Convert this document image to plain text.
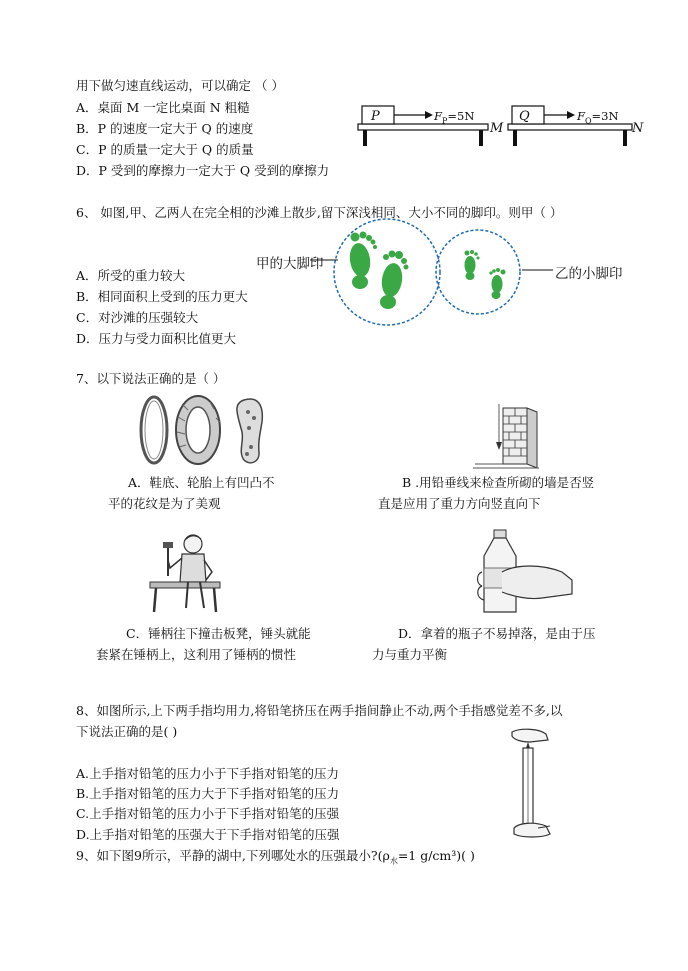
用下做匀速直线运动，可以确定 （ ）
A．桌面 M 一定比桌面 N 粗糙
B．P 的速度一定大于 Q 的速度
C．P 的质量一定大于 Q 的质量
D．P 受到的摩擦力一定大于 Q 受到的摩擦力
P	$F_P=5N$
M
Q	$F_Q=3N$
N
6、 如图,甲、乙两人在完全相的沙滩上散步,留下深浅相同、大小不同的脚印。则甲（ ）
A．所受的重力较大
B．相同面积上受到的压力更大
C．对沙滩的压强较大
D．压力与受力面积比值更大
甲的大脚印
乙的小脚印
7、以下说法正确的是（ ）
A．鞋底、轮胎上有凹凸不
平的花纹是为了美观
B .用铅垂线来检查所砌的墙是否竖
直是应用了重力方向竖直向下
C．锤柄往下撞击板凳，锤头就能
套紧在锤柄上，这利用了锤柄的惯性
D．拿着的瓶子不易掉落，是由于压
力与重力平衡
8、如图所示,上下两手指均用力,将铅笔挤压在两手指间静止不动,两个手指感觉差不多,以
下说法正确的是( )
A.上手指对铅笔的压力小于下手指对铅笔的压力
B.上手指对铅笔的压力大于下手指对铅笔的压力
C.上手指对铅笔的压力小于下手指对铅笔的压强
D.上手指对铅笔的压强大于下手指对铅笔的压强
9、如下图9所示，平静的湖中,下列哪处水的压强最小$?(\rho_水=1$ g/cm³)( )
